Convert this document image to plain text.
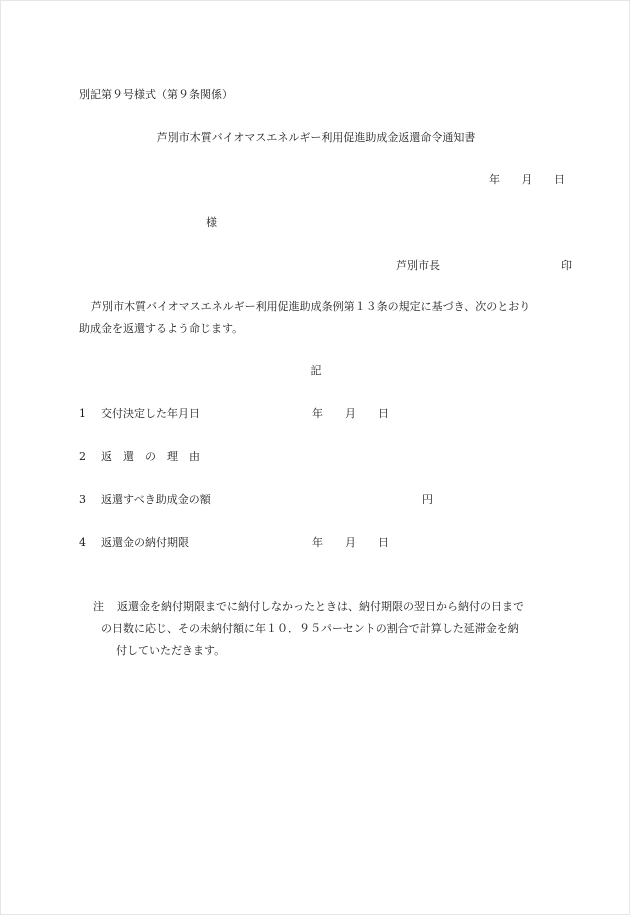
別記第９号様式（第９条関係）
芦別市木質バイオマスエネルギー利用促進助成金返還命令通知書
年 月 日
様
芦別市長	印
芦別市木質バイオマスエネルギー利用促進助成条例第１３条の規定に基づき、次のとおり
助成金を返還するよう命じます。
記
1 交付決定した年月日	年　　月　　日
2 返　還　の　理　由
3 返還すべき助成金の額	　　　　　　　　　　円
4 返還金の納付期限	年　　月　　日
注 返還金を納付期限までに納付しなかったときは、納付期限の翌日から納付の日まで
の日数に応じ、その未納付額に年１０．９５パーセントの割合で計算した延滞金を納
付していただきます。
